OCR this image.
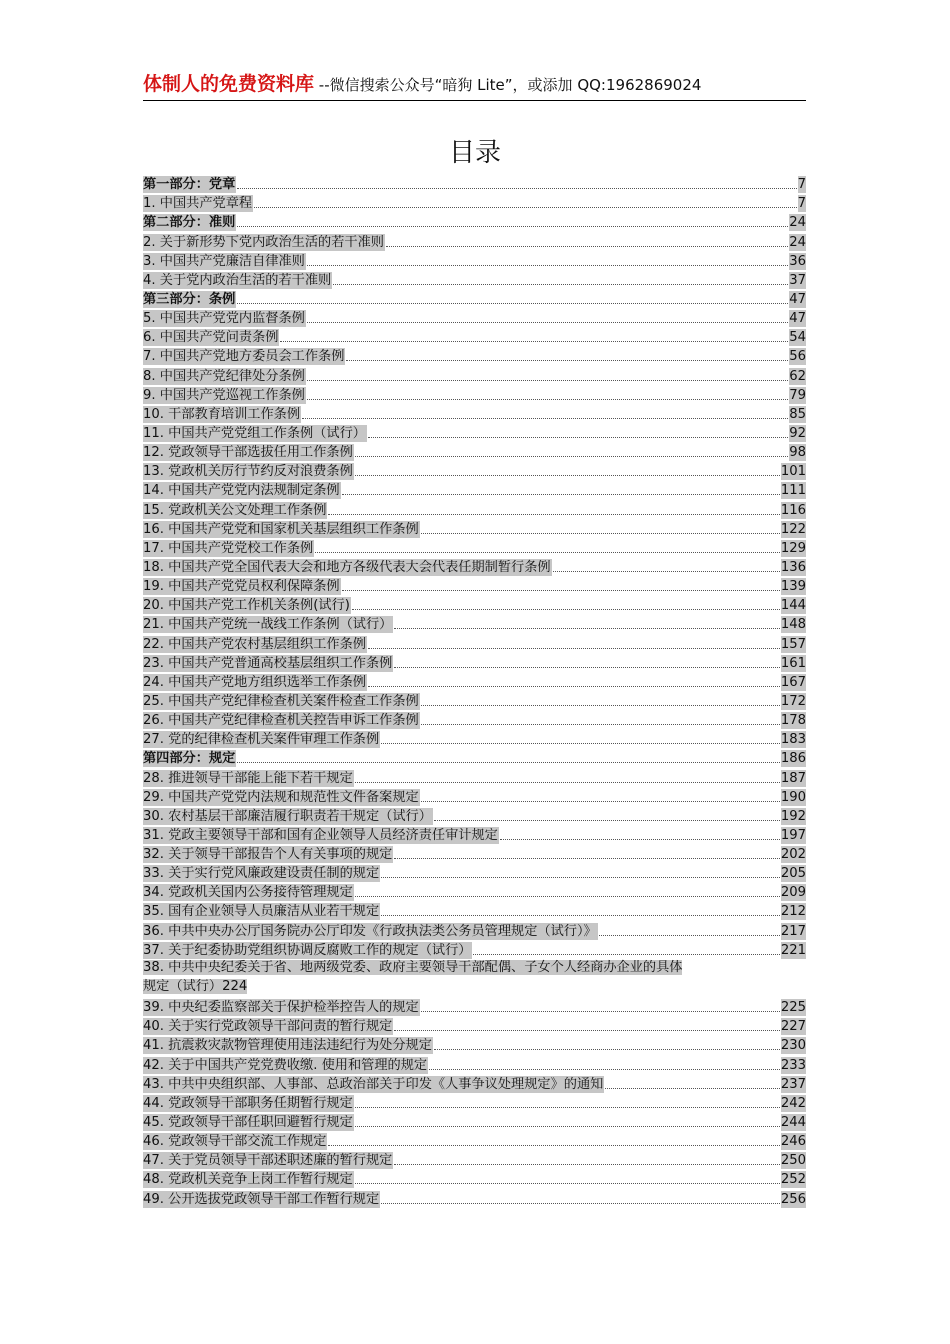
体制人的免费资料库 --微信搜索公众号“暗狗 Lite”，或添加 QQ:1962869024
目录
第一部分：党章	7
1. 中国共产党章程	7
第二部分：准则	24
2. 关于新形势下党内政治生活的若干准则	24
3. 中国共产党廉洁自律准则	36
4. 关于党内政治生活的若干准则	37
第三部分：条例	47
5. 中国共产党党内监督条例	47
6. 中国共产党问责条例	54
7. 中国共产党地方委员会工作条例	56
8. 中国共产党纪律处分条例	62
9. 中国共产党巡视工作条例	79
10. 干部教育培训工作条例	85
11. 中国共产党党组工作条例（试行）	92
12. 党政领导干部选拔任用工作条例	98
13. 党政机关厉行节约反对浪费条例	101
14. 中国共产党党内法规制定条例	111
15. 党政机关公文处理工作条例	116
16. 中国共产党党和国家机关基层组织工作条例	122
17. 中国共产党党校工作条例	129
18. 中国共产党全国代表大会和地方各级代表大会代表任期制暂行条例	136
19. 中国共产党党员权利保障条例	139
20. 中国共产党工作机关条例(试行)	144
21. 中国共产党统一战线工作条例（试行）	148
22. 中国共产党农村基层组织工作条例	157
23. 中国共产党普通高校基层组织工作条例	161
24. 中国共产党地方组织选举工作条例	167
25. 中国共产党纪律检查机关案件检查工作条例	172
26. 中国共产党纪律检查机关控告申诉工作条例	178
27. 党的纪律检查机关案件审理工作条例	183
第四部分：规定	186
28. 推进领导干部能上能下若干规定	187
29. 中国共产党党内法规和规范性文件备案规定	190
30. 农村基层干部廉洁履行职责若干规定（试行）	192
31. 党政主要领导干部和国有企业领导人员经济责任审计规定	197
32. 关于领导干部报告个人有关事项的规定	202
33. 关于实行党风廉政建设责任制的规定	205
34. 党政机关国内公务接待管理规定	209
35. 国有企业领导人员廉洁从业若干规定	212
36. 中共中央办公厅国务院办公厅印发《行政执法类公务员管理规定（试行）》	217
37. 关于纪委协助党组织协调反腐败工作的规定（试行）	221
38. 中共中央纪委关于省、地两级党委、政府主要领导干部配偶、子女个人经商办企业的具体
规定（试行）224
39. 中央纪委监察部关于保护检举控告人的规定	225
40. 关于实行党政领导干部问责的暂行规定	227
41. 抗震救灾款物管理使用违法违纪行为处分规定	230
42. 关于中国共产党党费收缴. 使用和管理的规定	233
43. 中共中央组织部、人事部、总政治部关于印发《人事争议处理规定》的通知	237
44. 党政领导干部职务任期暂行规定	242
45. 党政领导干部任职回避暂行规定	244
46. 党政领导干部交流工作规定	246
47. 关于党员领导干部述职述廉的暂行规定	250
48. 党政机关竞争上岗工作暂行规定	252
49. 公开选拔党政领导干部工作暂行规定	256
